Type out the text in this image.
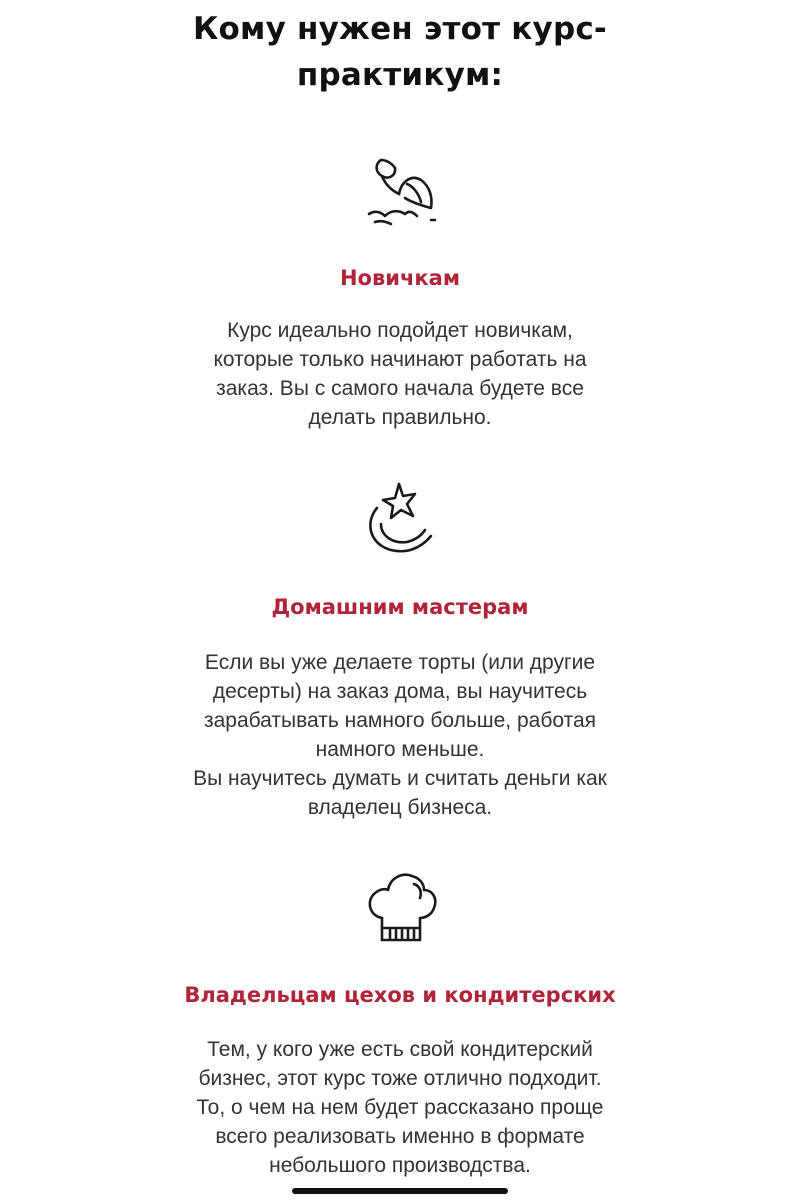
Кому нужен этот курс-
практикум:
Новичкам
Курс идеально подойдет новичкам,
которые только начинают работать на
заказ. Вы с самого начала будете все
делать правильно.
Домашним мастерам
Если вы уже делаете торты (или другие
десерты) на заказ дома, вы научитесь
зарабатывать намного больше, работая
намного меньше.
Вы научитесь думать и считать деньги как
владелец бизнеса.
Владельцам цехов и кондитерских
Тем, у кого уже есть свой кондитерский
бизнес, этот курс тоже отлично подходит.
То, о чем на нем будет рассказано проще
всего реализовать именно в формате
небольшого производства.
